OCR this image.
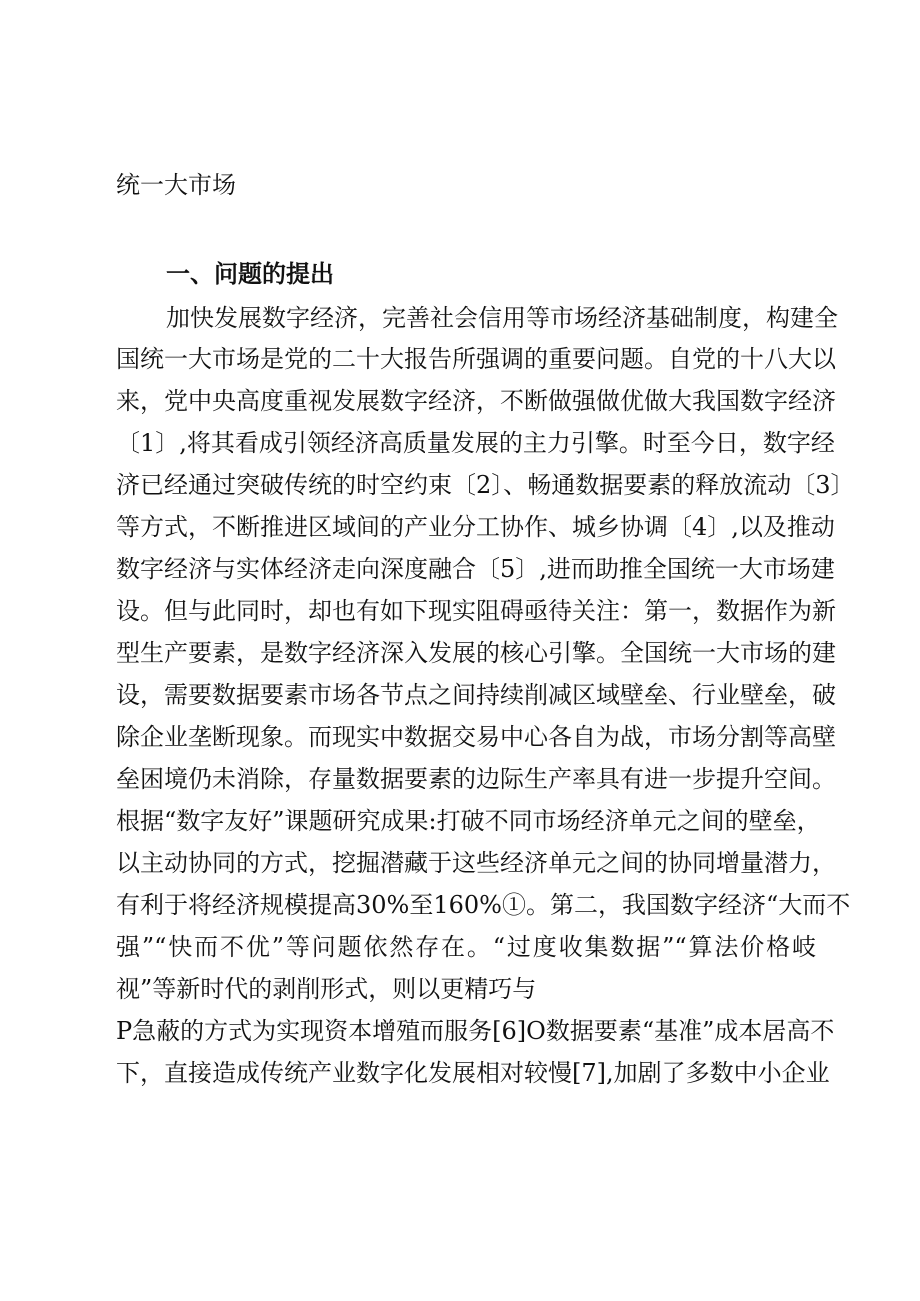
统一大市场
一、问题的提出
加快发展数字经济，完善社会信用等市场经济基础制度，构建全
国统一大市场是党的二十大报告所强调的重要问题。自党的十八大以
来，党中央高度重视发展数字经济，不断做强做优做大我国数字经济
〔1〕,将其看成引领经济高质量发展的主力引擎。时至今日，数字经
济已经通过突破传统的时空约束〔2〕、畅通数据要素的释放流动〔3〕
等方式，不断推进区域间的产业分工协作、城乡协调〔4〕,以及推动
数字经济与实体经济走向深度融合〔5〕,进而助推全国统一大市场建
设。但与此同时，却也有如下现实阻碍亟待关注：第一，数据作为新
型生产要素，是数字经济深入发展的核心引擎。全国统一大市场的建
设，需要数据要素市场各节点之间持续削减区域壁垒、行业壁垒，破
除企业垄断现象。而现实中数据交易中心各自为战，市场分割等高壁
垒困境仍未消除，存量数据要素的边际生产率具有进一步提升空间。
根据“数字友好”课题研究成果:打破不同市场经济单元之间的壁垒，
以主动协同的方式，挖掘潜藏于这些经济单元之间的协同增量潜力，
有利于将经济规模提高30%至160%①。第二，我国数字经济“大而不
强”“快而不优”等问题依然存在。“过度收集数据”“算法价格岐
视”等新时代的剥削形式，则以更精巧与
P急蔽的方式为实现资本增殖而服务[6]O数据要素“基准”成本居高不
下，直接造成传统产业数字化发展相对较慢[7],加剧了多数中小企业
